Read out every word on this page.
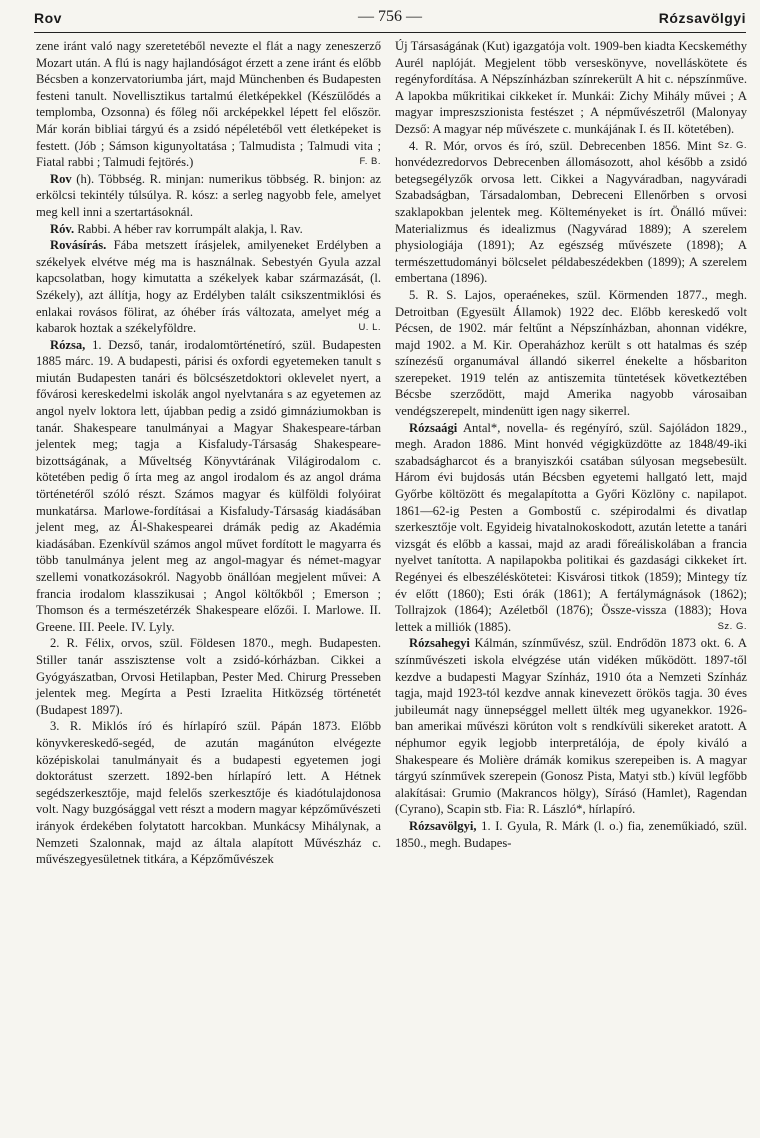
Rov	— 756 —	Rózsavölgyi

zene iránt való nagy szeretetéből nevezte el flát a nagy zeneszerző Mozart után. A flú is nagy hajlandóságot érzett a zene iránt és előbb Bécsben a konzervatoriumba járt, majd Münchenben és Budapesten festeni tanult. Novellisztikus tartalmú életképekkel (Készülődés a templomba, Ozsonna) és főleg női arcképekkel lépett fel először. Már korán bibliai tárgyú és a zsidó népéletéből vett életképeket is festett. (Jób ; Sámson kigunyoltatása ; Talmudista ; Talmudi vita ; Fiatal rabbi ; Talmudi fejtörés.)	F. B.

Rov (h). Többség. R. minjan: numerikus többség. R. binjon: az erkölcsi tekintély túlsúlya. R. kósz: a serleg nagyobb fele, amelyet meg kell inni a szertartásoknál.

Róv. Rabbi. A héber rav korrumpált alakja, l. Rav.

Rovásírás. Fába metszett írásjelek, amilyeneket Erdélyben a székelyek elvétve még ma is használnak. Sebestyén Gyula azzal kapcsolatban, hogy kimutatta a székelyek kabar származását, (l. Székely), azt állítja, hogy az Erdélyben talált csikszentmiklósi és enlakai rovásos fölirat, az óhéber írás változata, amelyet még a kabarok hoztak a székelyföldre.	U. L.

Rózsa, 1. Dezső, tanár, irodalomtörténetíró, szül. Budapesten 1885 márc. 19. A budapesti, párisi és oxfordi egyetemeken tanult s miután Budapesten tanári és bölcsészetdoktori oklevelet nyert, a fővárosi kereskedelmi iskolák angol nyelvtanára s az egyetemen az angol nyelv loktora lett, újabban pedig a zsidó gimnáziumokban is tanár. Shakespeare tanulmányai a Magyar Shakespeare-tárban jelentek meg; tagja a Kisfaludy-Társaság Shakespeare-bizottságának, a Műveltség Könyvtárának Világirodalom c. kötetében pedig ő írta meg az angol irodalom és az angol dráma történetéről szóló részt. Számos magyar és külföldi folyóirat munkatársa. Marlowe-fordításai a Kisfaludy-Társaság kiadásában jelent meg, az Ál-Shakespearei drámák pedig az Akadémia kiadásában. Ezenkívül számos angol művet fordított le magyarra és több tanulmánya jelent meg az angol-magyar és német-magyar szellemi vonatkozásokról. Nagyobb önállóan megjelent művei: A francia irodalom klasszikusai ; Angol költőkből ; Emerson ; Thomson és a természetérzék Shakespeare előzői. I. Marlowe. II. Greene. III. Peele. IV. Lyly.

2. R. Félix, orvos, szül. Földesen 1870., megh. Budapesten. Stiller tanár asszisztense volt a zsidó-kórházban. Cikkei a Gyógyászatban, Orvosi Hetilapban, Pester Med. Chirurg Presseben jelentek meg. Megírta a Pesti Izraelita Hitközség történetét (Budapest 1897).

3. R. Miklós író és hírlapíró szül. Pápán 1873. Előbb könyvkereskedő-segéd, de azután magánúton elvégezte középiskolai tanulmányait és a budapesti egyetemen jogi doktorátust szerzett. 1892-ben hírlapíró lett. A Hétnek segédszerkesztője, majd felelős szerkesztője és kiadótulajdonosa volt. Nagy buzgósággal vett részt a modern magyar képzőművészeti irányok érdekében folytatott harcokban. Munkácsy Mihálynak, a Nemzeti Szalonnak, majd az általa alapított Művészház c. művészegyesületnek titkára, a Képzőművészek

Új Társaságának (Kut) igazgatója volt. 1909-ben kiadta Kecskeméthy Aurél naplóját. Megjelent több verseskönyve, novelláskötete és regényfordítása. A Népszínházban színrekerült A hit c. népszínműve. A lapokba műkritikai cikkeket ír. Munkái: Zichy Mihály művei ; A magyar impreszszionista festészet ; A népművészetről (Malonyay Dezső: A magyar nép művészete c. munkájának I. és II. kötetében).
Sz. G.

4. R. Mór, orvos és író, szül. Debrecenben 1856. Mint honvédezredorvos Debrecenben állomásozott, ahol később a zsidó betegsegélyzők orvosa lett. Cikkei a Nagyváradban, nagyváradi Szabadságban, Társadalomban, Debreceni Ellenőrben s orvosi szaklapokban jelentek meg. Költeményeket is írt. Önálló művei: Materializmus és idealizmus (Nagyvárad 1889); A szerelem physiologiája (1891); Az egészség művészete (1898); A természettudományi bölcselet példabeszédekben (1899); A szerelem embertana (1896).

5. R. S. Lajos, operaénekes, szül. Körmenden 1877., megh. Detroitban (Egyesült Államok) 1922 dec. Előbb kereskedő volt Pécsen, de 1902. már feltűnt a Népszínházban, ahonnan vidékre, majd 1902. a M. Kir. Operaházhoz került s ott hatalmas és szép színezésű organumával állandó sikerrel énekelte a hősbariton szerepeket. 1919 telén az antiszemita tüntetések következtében Bécsbe szerződött, majd Amerika nagyobb városaiban vendégszerepelt, mindenütt igen nagy sikerrel.

Rózsaági Antal*, novella- és regényíró, szül. Sajóládon 1829., megh. Aradon 1886. Mint honvéd végigküzdötte az 1848/49-iki szabadságharcot és a branyiszkói csatában súlyosan megsebesült. Három évi bujdosás után Bécsben egyetemi hallgató lett, majd Győrbe költözött és megalapította a Győri Közlöny c. napilapot. 1861—62-ig Pesten a Gombostű c. szépirodalmi és divatlap szerkesztője volt. Egyideig hivatalnokoskodott, azután letette a tanári vizsgát és előbb a kassai, majd az aradi főreáliskolában a francia nyelvet tanította. A napilapokba politikai és gazdasági cikkeket írt. Regényei és elbeszéléskötetei: Kisvárosi titkok (1859); Mintegy tíz év előtt (1860); Esti órák (1861); A fertálymágnások (1862); Tollrajzok (1864); Azéletből (1876); Össze-vissza (1883); Hova lettek a milliók (1885).	Sz. G.

Rózsahegyi Kálmán, színművész, szül. Endrődön 1873 okt. 6. A színművészeti iskola elvégzése után vidéken működött. 1897-től kezdve a budapesti Magyar Színház, 1910 óta a Nemzeti Színház tagja, majd 1923-tól kezdve annak kinevezett örökös tagja. 30 éves jubileumát nagy ünnepséggel mellett ülték meg ugyanekkor. 1926-ban amerikai művészi körúton volt s rendkívüli sikereket aratott. A néphumor egyik legjobb interpretálója, de époly kiváló a Shakespeare és Molière drámák komikus szerepeiben is. A magyar tárgyú színművek szerepein (Gonosz Pista, Matyi stb.) kívül legfőbb alakításai: Grumio (Makrancos hölgy), Sírásó (Hamlet), Ragendan (Cyrano), Scapin stb. Fia: R. László*, hírlapíró.

Rózsavölgyi, 1. I. Gyula, R. Márk (l. o.) fia, zeneműkiadó, szül. 1850., megh. Budapes-
